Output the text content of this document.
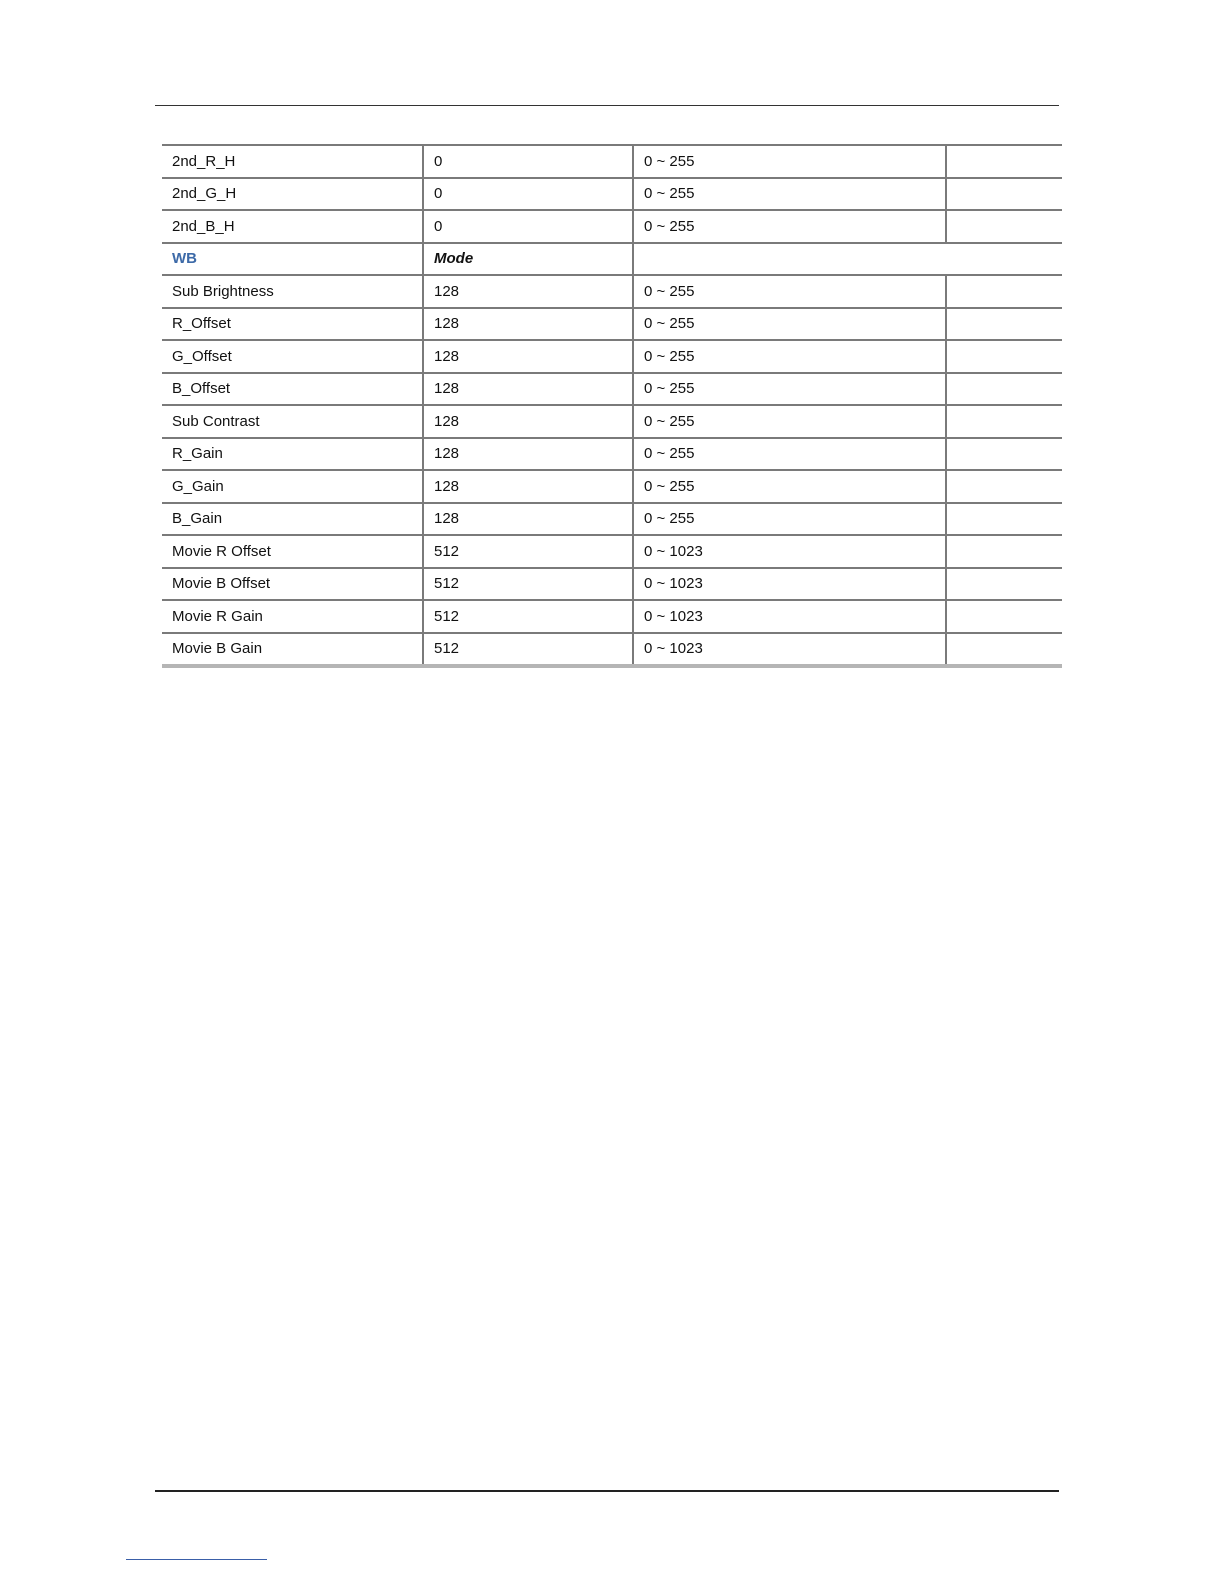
2nd_R_H	0	0 ~ 255	
2nd_G_H	0	0 ~ 255	
2nd_B_H	0	0 ~ 255	
WB	Mode		
Sub Brightness	128	0 ~ 255	
R_Offset	128	0 ~ 255	
G_Offset	128	0 ~ 255	
B_Offset	128	0 ~ 255	
Sub Contrast	128	0 ~ 255	
R_Gain	128	0 ~ 255	
G_Gain	128	0 ~ 255	
B_Gain	128	0 ~ 255	
Movie R Offset	512	0 ~ 1023	
Movie B Offset	512	0 ~ 1023	
Movie R Gain	512	0 ~ 1023	
Movie B Gain	512	0 ~ 1023	
